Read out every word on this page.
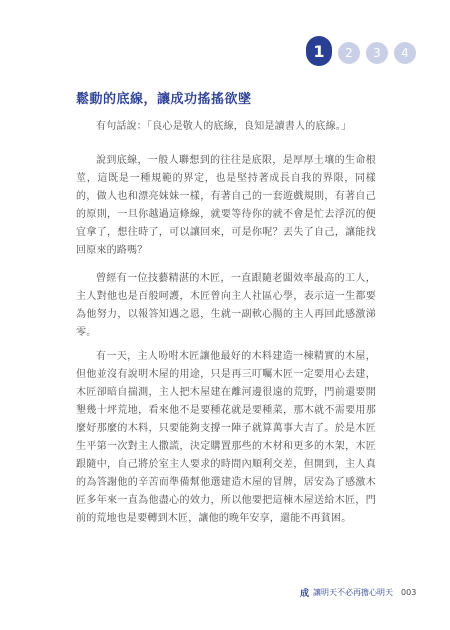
1	2	3	4
鬆動的底線，讓成功搖搖欲墜
有句話說：「良心是敬人的底線，良知是讀書人的底線。」
說到底線，一般人聯想到的往往是底限，是厚厚土壤的生命根莖，這既是一種規範的界定，也是堅持著成長自我的界限，同樣的，做人也和漂亮妹妹一樣，有著自己的一套遊戲規則，有著自己的原則，一旦你越過這條線，就要等待你的就不會是忙去浮沉的便宜拿了，想往時了，可以讓回來，可是你呢？丟失了自己，讓能找回原來的路嗎？
曾經有一位技藝精湛的木匠，一直跟隨老闆效率最高的工人，主人對他也是百般呵護，木匠曾向主人社區心學，表示這一生都要為他努力，以報答知遇之恩，生就一副軟心腸的主人再回此感激涕零。
有一天，主人吩咐木匠讓他最好的木料建造一棟精實的木屋，但他並沒有說明木屋的用途，只是再三叮囑木匠一定要用心去建，木匠卻暗自揣測，主人把木屋建在離河邊很遠的荒野，門前還要開墾幾十坪荒地，看來他不是要種花就是要種菜，那木就不需要用那麼好那麼的木料，只要能夠支撐一陣子就算萬事大吉了。於是木匠生平第一次對主人撒謊，決定購置那些的木材和更多的木架，木匠跟隨中，自己將於室主人要求的時間內順利交差，但開到，主人真的為答謝他的辛苦而準備幫他選建造木屋的冒牌，居安為了感激木匠多年來一直為他盡心的效力，所以他要把這棟木屋送給木匠，門前的荒地也是要轉到木匠，讓他的晚年安享，還能不再貧困。
成 讓明天不必再擔心明天 003
